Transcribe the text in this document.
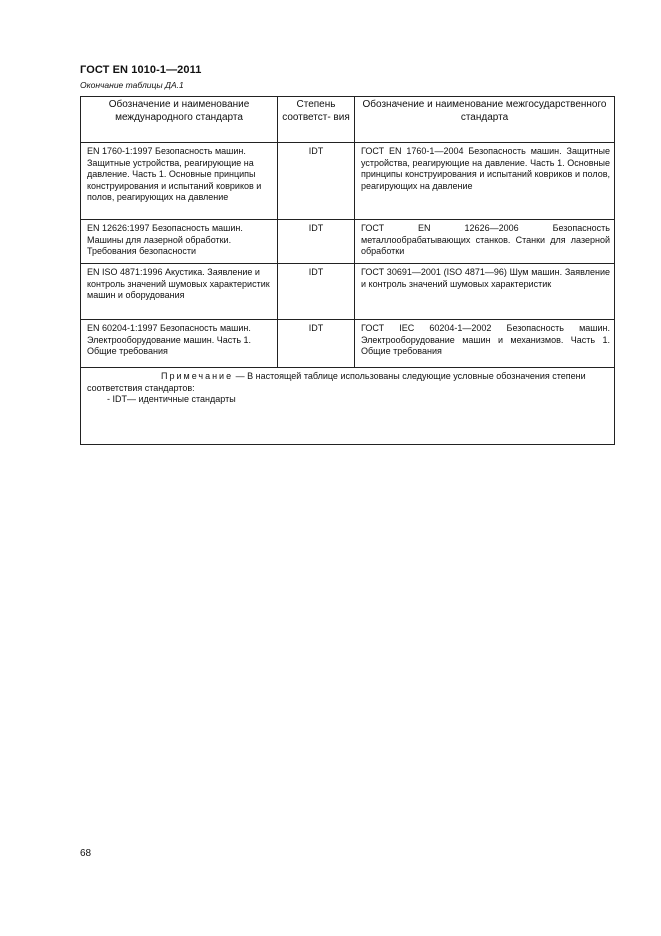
ГОСТ EN 1010-1—2011
Окончание таблицы ДА.1
Обозначение и наименование международного стандарта	Степень соответст- вия	Обозначение и наименование межгосударственного стандарта

EN 1760-1:1997 Безопасность машин. Защитные устройства, реагирующие на давление. Часть 1. Основные принципы конструирования и испытаний ковриков и полов, реагирующих на давление	IDT	ГОСТ EN 1760-1—2004 Безопасность машин. Защитные устройства, реагирующие на давление. Часть 1. Основные принципы конструирования и испытаний ковриков и полов, реагирующих на давление

EN 12626:1997 Безопасность машин. Машины для лазерной обработки. Требования безопасности	IDT	ГОСТ EN 12626—2006 Безопасность металлообрабатывающих станков. Станки для лазерной обработки

EN ISO 4871:1996 Акустика. Заявление и контроль значений шумовых характеристик машин и оборудования	IDT	ГОСТ 30691—2001 (ISO 4871—96) Шум машин. Заявление и контроль значений шумовых характеристик

EN 60204-1:1997 Безопасность машин. Электрооборудование машин. Часть 1. Общие требования	IDT	ГОСТ IEC 60204-1—2002 Безопасность машин. Электрооборудование машин и механизмов. Часть 1. Общие требования

Примечание — В настоящей таблице использованы следующие условные обозначения степени соответствия стандартов:
- IDT— идентичные стандарты		
68
